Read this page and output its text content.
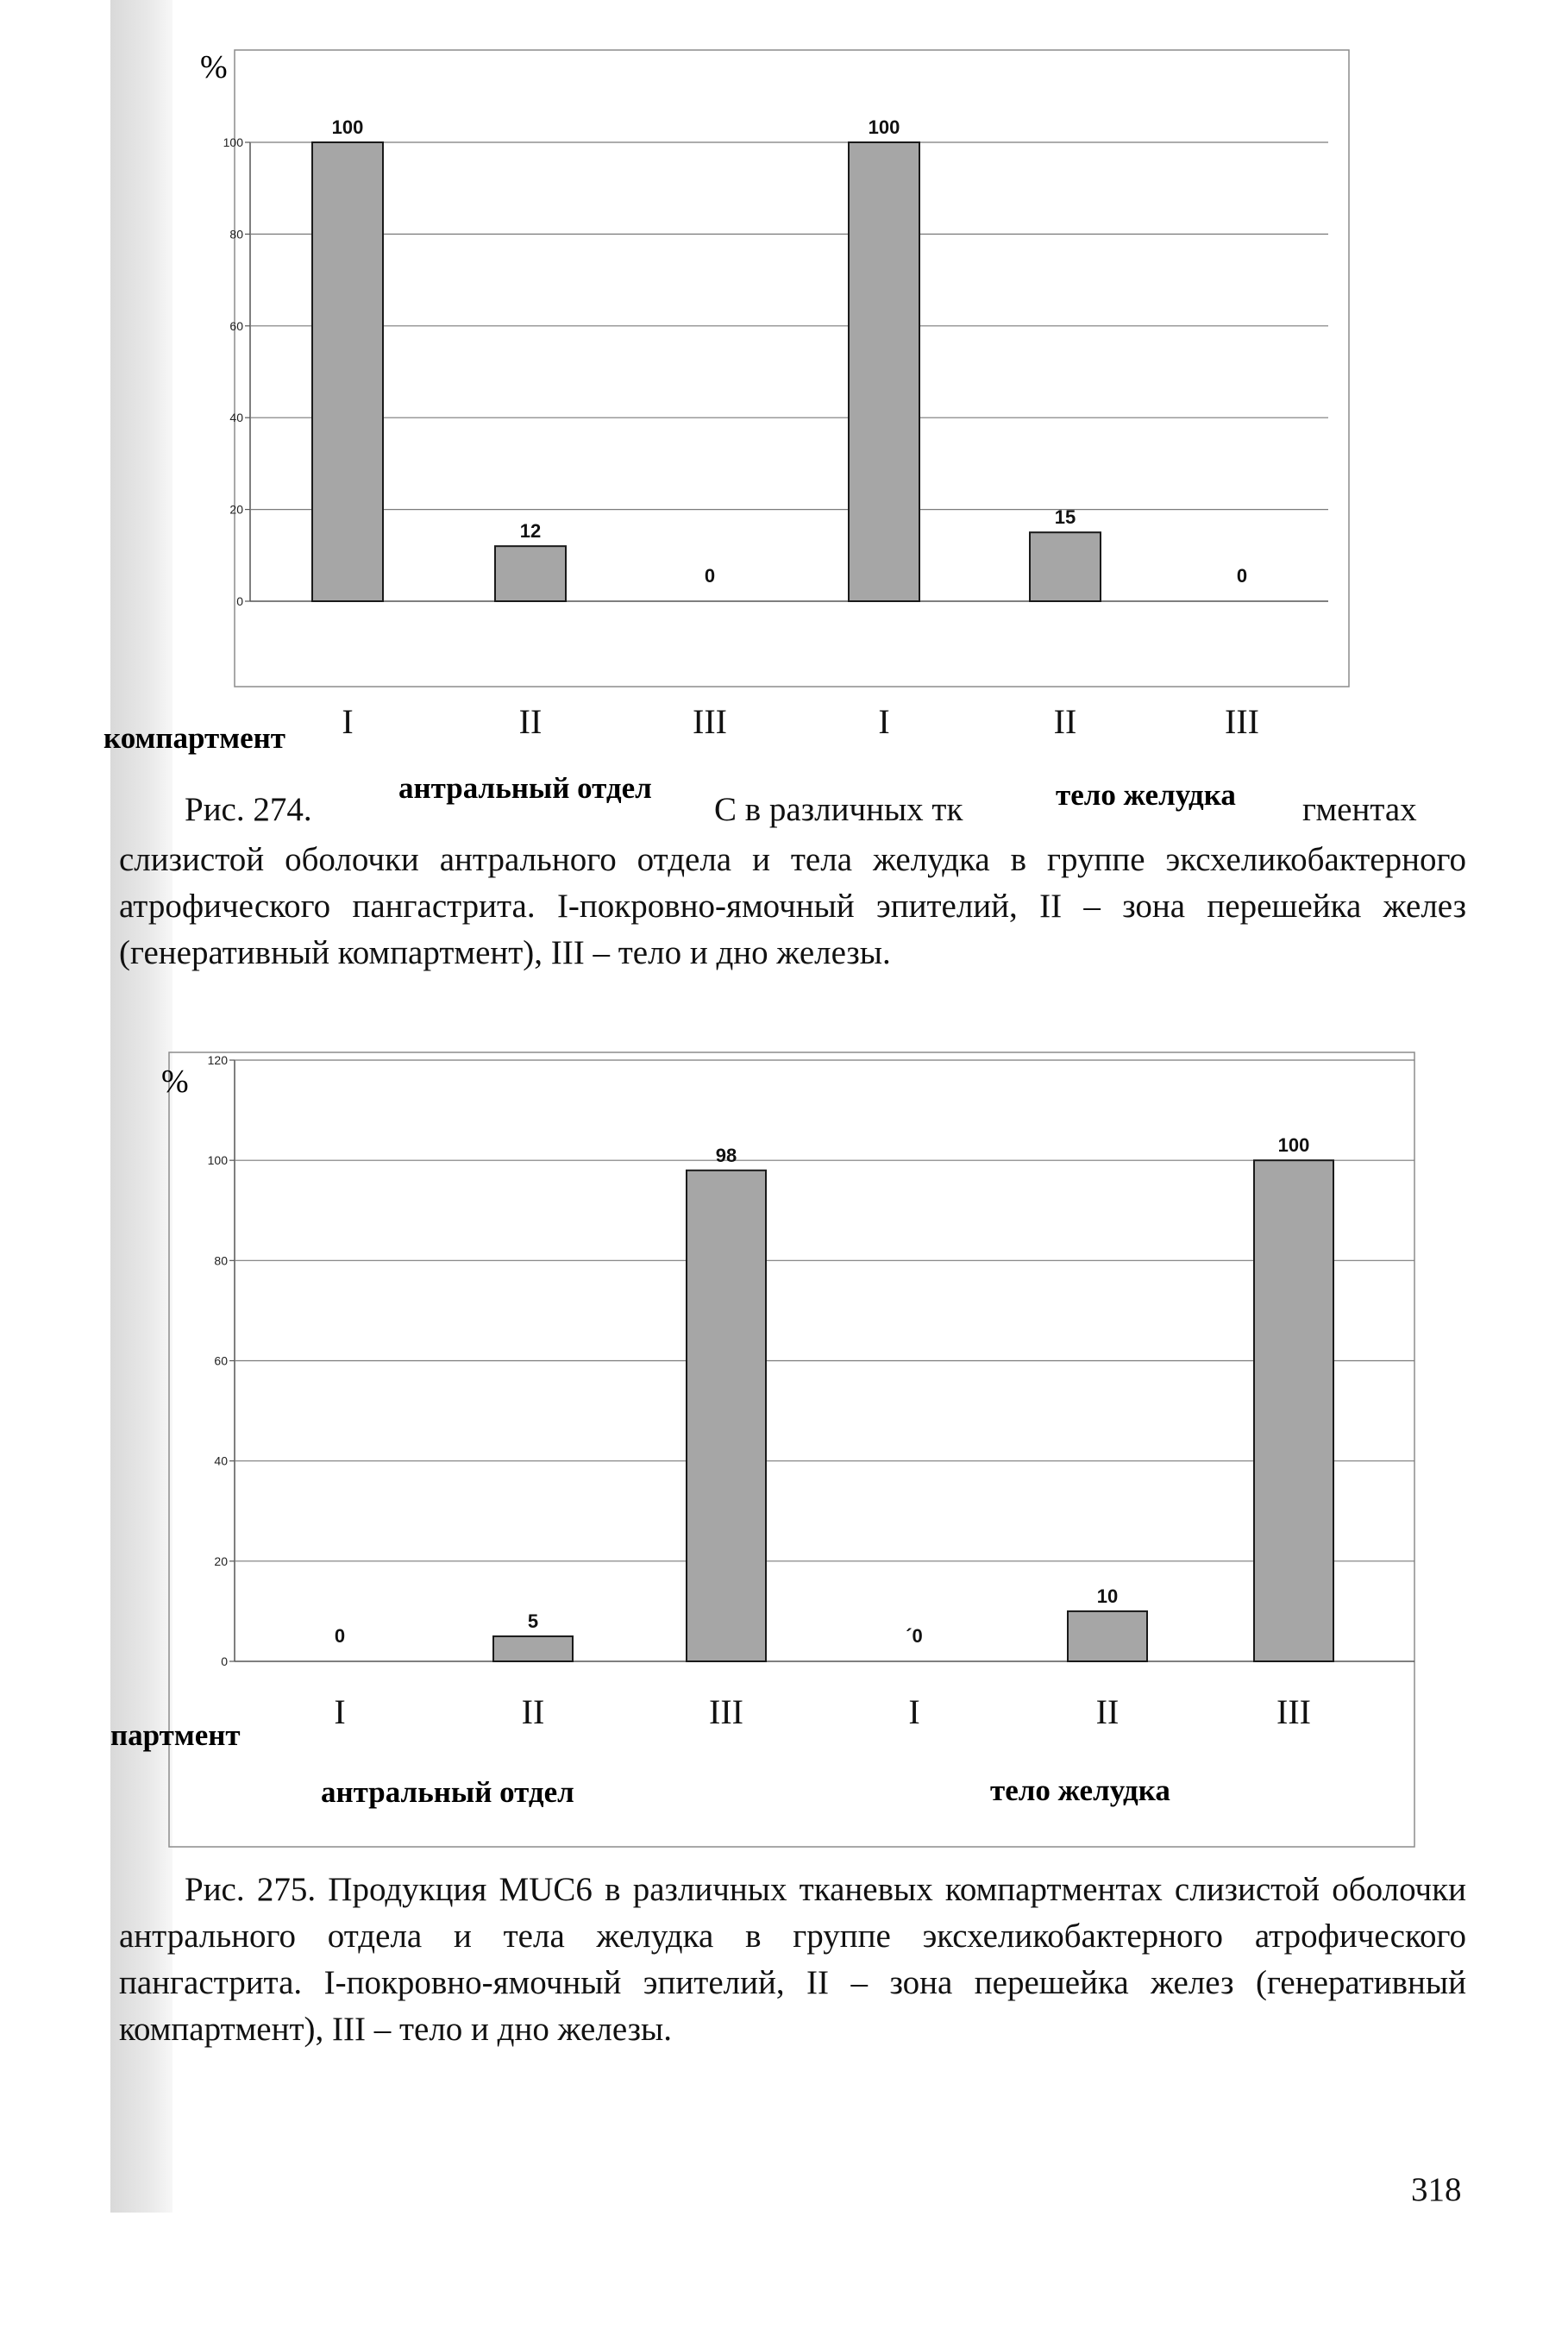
0
20
40
60
80
100
100
12
0
100
15
0
I	II	III	I	II	III
%
компартмент
антральный отдел	тело желудка
0
20
40
60
80
100
120
0
5
98
´0
10
100
I	II	III	I	II	III
%
партмент
антральный отдел	тело желудка
Рис. 274.	С в различных тк	гментах

слизистой оболочки антрального отдела и тела желудка в группе эксхеликобактерного атрофического пангастрита. I-покровно-ямочный эпителий, II – зона перешейка желез (генеративный компартмент), III – тело и дно железы.

Рис. 275. Продукция MUC6 в различных тканевых компартментах слизистой оболочки антрального отдела и тела желудка в группе эксхеликобактерного атрофического пангастрита. I-покровно-ямочный эпителий, II – зона перешейка желез (генеративный компартмент), III – тело и дно железы.

318
